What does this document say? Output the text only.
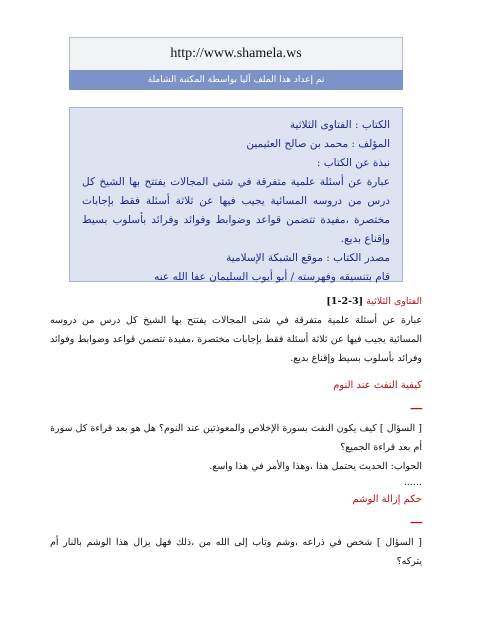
http://www.shamela.ws
تم إعداد هذا الملف آليا بواسطة المكتبة الشاملة
الكتاب : الفتاوى الثلاثية
المؤلف : محمد بن صالح العثيمين
نبذة عن الكتاب :
عبارة عن أسئلة علمية متفرقة في شتى المجالات يفتتح بها الشيخ كل درس من دروسه المسائية يجيب فيها عن ثلاثة أسئلة فقط بإجابات مختصرة ،مفيدة تتضمن قواعد وضوابط وفوائد وفرائد بأسلوب بسيط وإقناع بديع.
مصدر الكتاب : موقع الشبكة الإسلامية
قام بتنسيقه وفهرسته / أبو أيوب السليمان عفا الله عنه
الفتاوى الثلاثية [1-2-3]
عبارة عن أسئلة علمية متفرقة في شتى المجالات يفتتح بها الشيخ كل درس من دروسه المسائية يجيب فيها عن ثلاثة أسئلة فقط بإجابات مختصرة ،مفيدة تتضمن قواعد وضوابط وفوائد وفرائد بأسلوب بسيط وإقناع بديع.
كيفية النفث عند النوم
ــــ
[ السؤال ] كيف يكون النفث بسورة الإخلاص والمعوذتين عند النوم؟ هل هو بعد قراءة كل سورة أم بعد قراءة الجميع؟
الجواب: الحديث يحتمل هذا ،وهذا والأمر في هذا واسع.
......
حكم إزالة الوشم
ــــ
[ السؤال ] شخص في ذراعه ،وشم وتاب إلى الله من ،ذلك فهل يزال هذا الوشم بالنار أم يتركه؟
